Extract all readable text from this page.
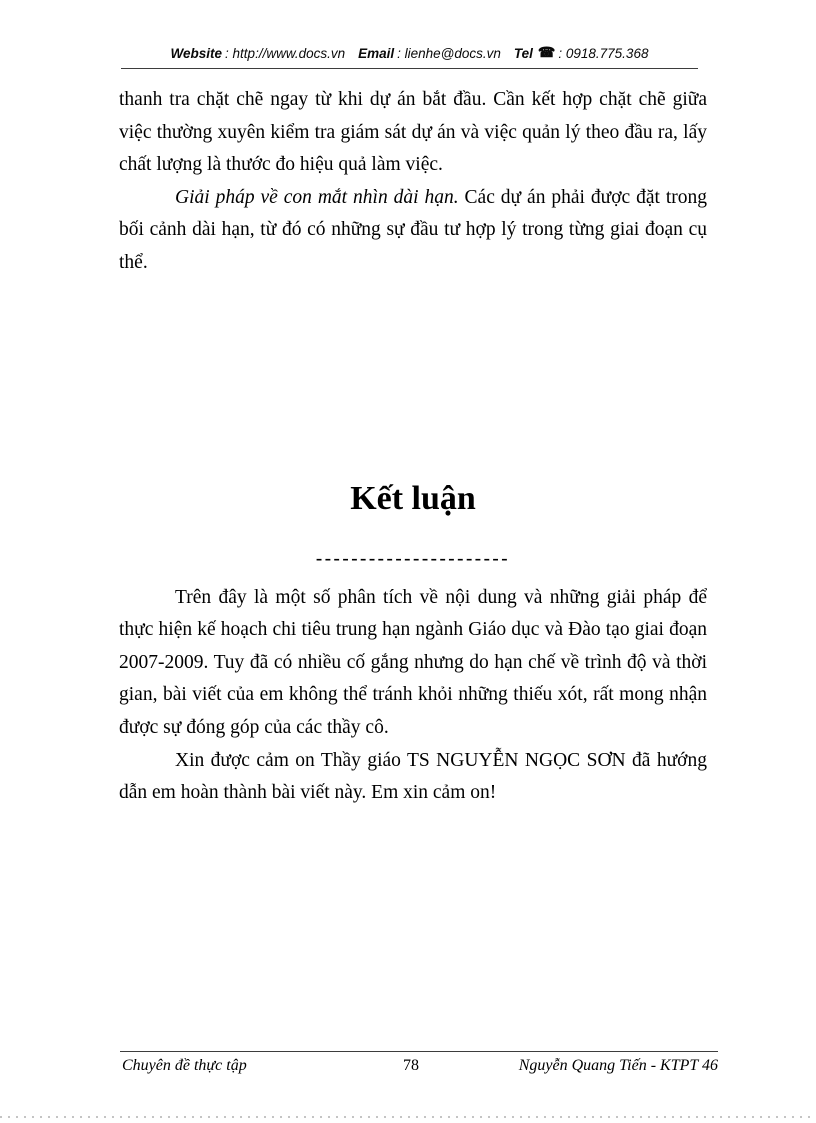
Website : http://www.docs.vn Email : lienhe@docs.vn Tel ☎ : 0918.775.368

thanh tra chặt chẽ ngay từ khi dự án bắt đầu. Cần kết hợp chặt chẽ giữa việc thường xuyên kiểm tra giám sát dự án và việc quản lý theo đầu ra, lấy chất lượng là thước đo hiệu quả làm việc.

Giải pháp về con mắt nhìn dài hạn. Các dự án phải được đặt trong bối cảnh dài hạn, từ đó có những sự đầu tư hợp lý trong từng giai đoạn cụ thể.

Kết luận
----------------------

Trên đây là một số phân tích về nội dung và những giải pháp để thực hiện kế hoạch chi tiêu trung hạn ngành Giáo dục và Đào tạo giai đoạn 2007-2009. Tuy đã có nhiều cố gắng nhưng do hạn chế về trình độ và thời gian, bài viết của em không thể tránh khỏi những thiếu xót, rất mong nhận được sự đóng góp của các thầy cô.

Xin được cảm on Thầy giáo TS NGUYỄN NGỌC SƠN đã hướng dẫn em hoàn thành bài viết này. Em xin cảm on!

Chuyên đề thực tập	78	Nguyễn Quang Tiến - KTPT 46
